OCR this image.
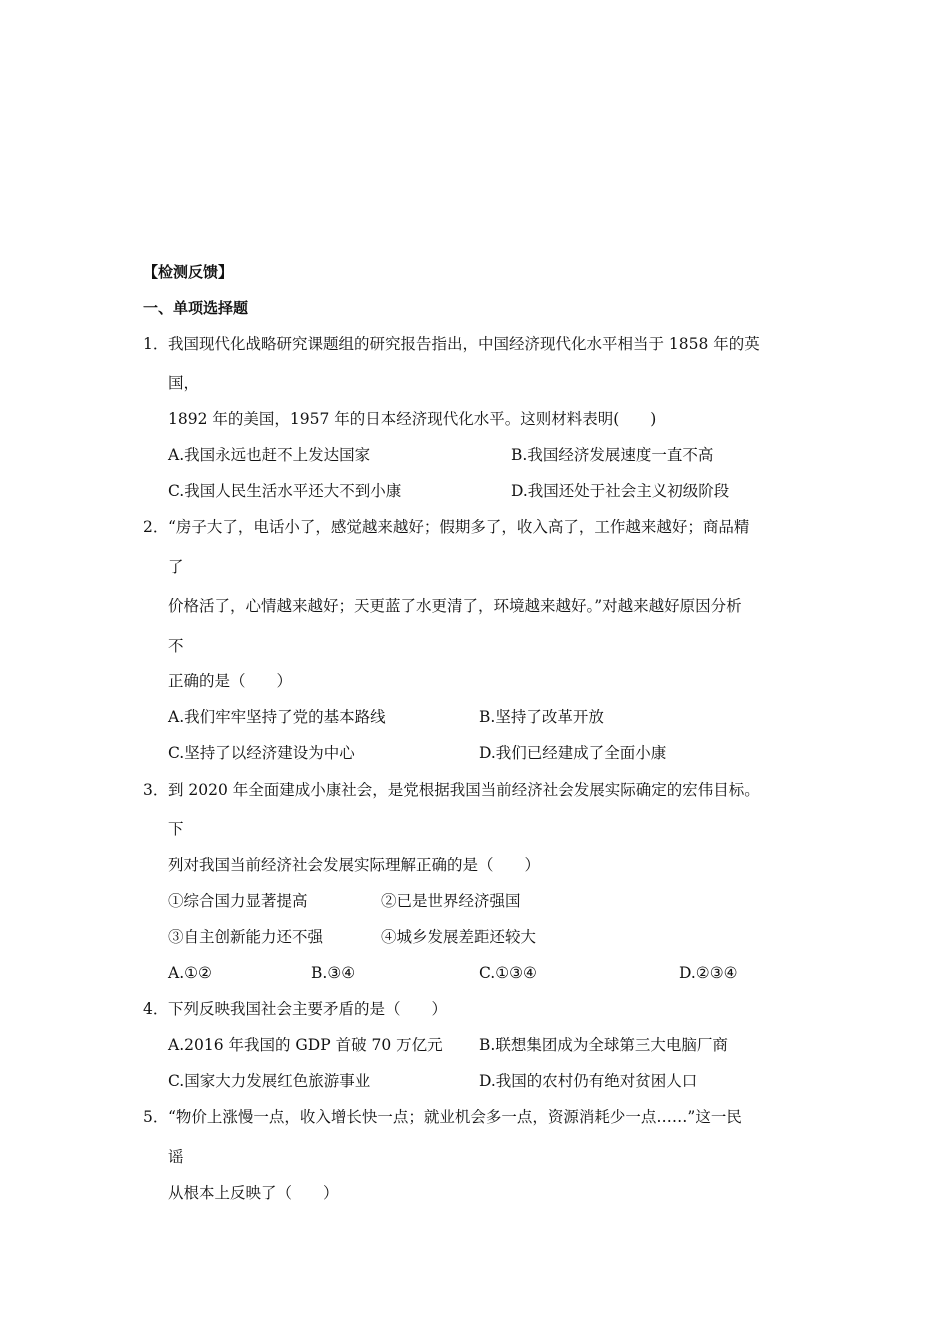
【检测反馈】
一、单项选择题
1． 我国现代化战略研究课题组的研究报告指出，中国经济现代化水平相当于 1858 年的英
国，
1892 年的美国，1957 年的日本经济现代化水平。这则材料表明(　　)
A.我国永远也赶不上发达国家	B.我国经济发展速度一直不高
C.我国人民生活水平还大不到小康	D.我国还处于社会主义初级阶段
2． “房子大了，电话小了，感觉越来越好；假期多了，收入高了，工作越来越好；商品精
了
价格活了，心情越来越好；天更蓝了水更清了，环境越来越好。”对越来越好原因分析
不
正确的是（　　）
A.我们牢牢坚持了党的基本路线	B.坚持了改革开放
C.坚持了以经济建设为中心	D.我们已经建成了全面小康
3． 到 2020 年全面建成小康社会，是党根据我国当前经济社会发展实际确定的宏伟目标。
下
列对我国当前经济社会发展实际理解正确的是（　　）
①综合国力显著提高	②已是世界经济强国
③自主创新能力还不强	④城乡发展差距还较大
A.①②	B.③④	C.①③④	D.②③④
4． 下列反映我国社会主要矛盾的是（　　）
A.2016 年我国的 GDP 首破 70 万亿元 B.联想集团成为全球第三大电脑厂商
C.国家大力发展红色旅游事业	D.我国的农村仍有绝对贫困人口
5． “物价上涨慢一点，收入增长快一点；就业机会多一点，资源消耗少一点……”这一民
谣
从根本上反映了（　　）
